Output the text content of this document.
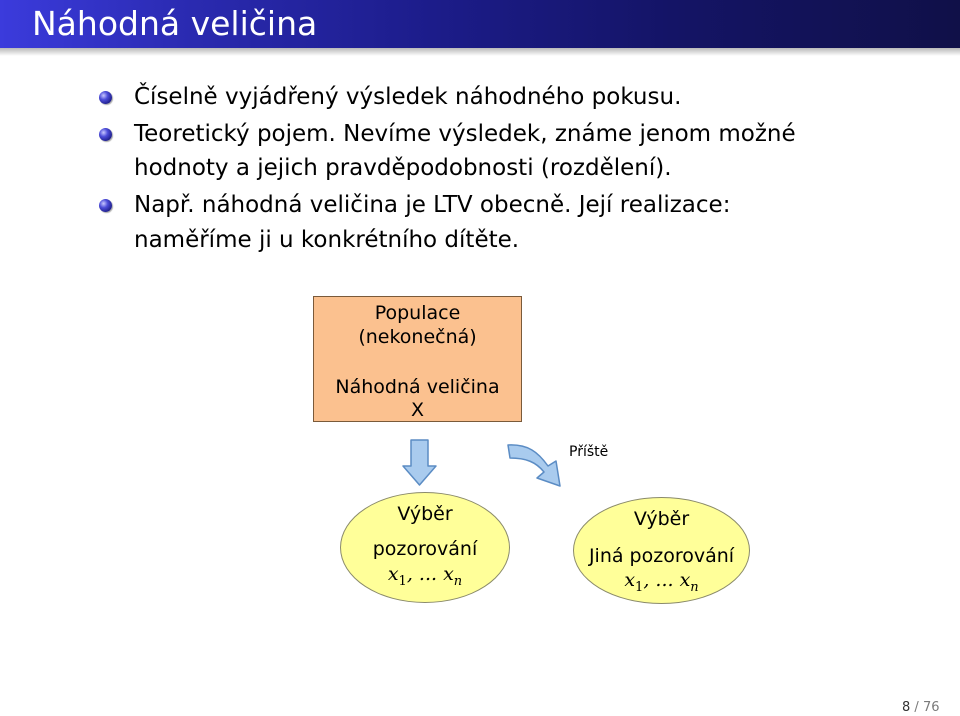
Náhodná veličina
Číselně vyjádřený výsledek náhodného pokusu.
Teoretický pojem. Nevíme výsledek, známe jenom možné
hodnoty a jejich pravděpodobnosti (rozdělení).
Např. náhodná veličina je LTV obecně. Její realizace:
naměříme ji u konkrétního dítěte.
Populace
(nekonečná)
Náhodná veličina
X
Příště
Výběr
pozorování
$x_1$, ... $x_n$
Výběr
Jiná pozorování
$x_1$, ... $x_n$
8 / 76
